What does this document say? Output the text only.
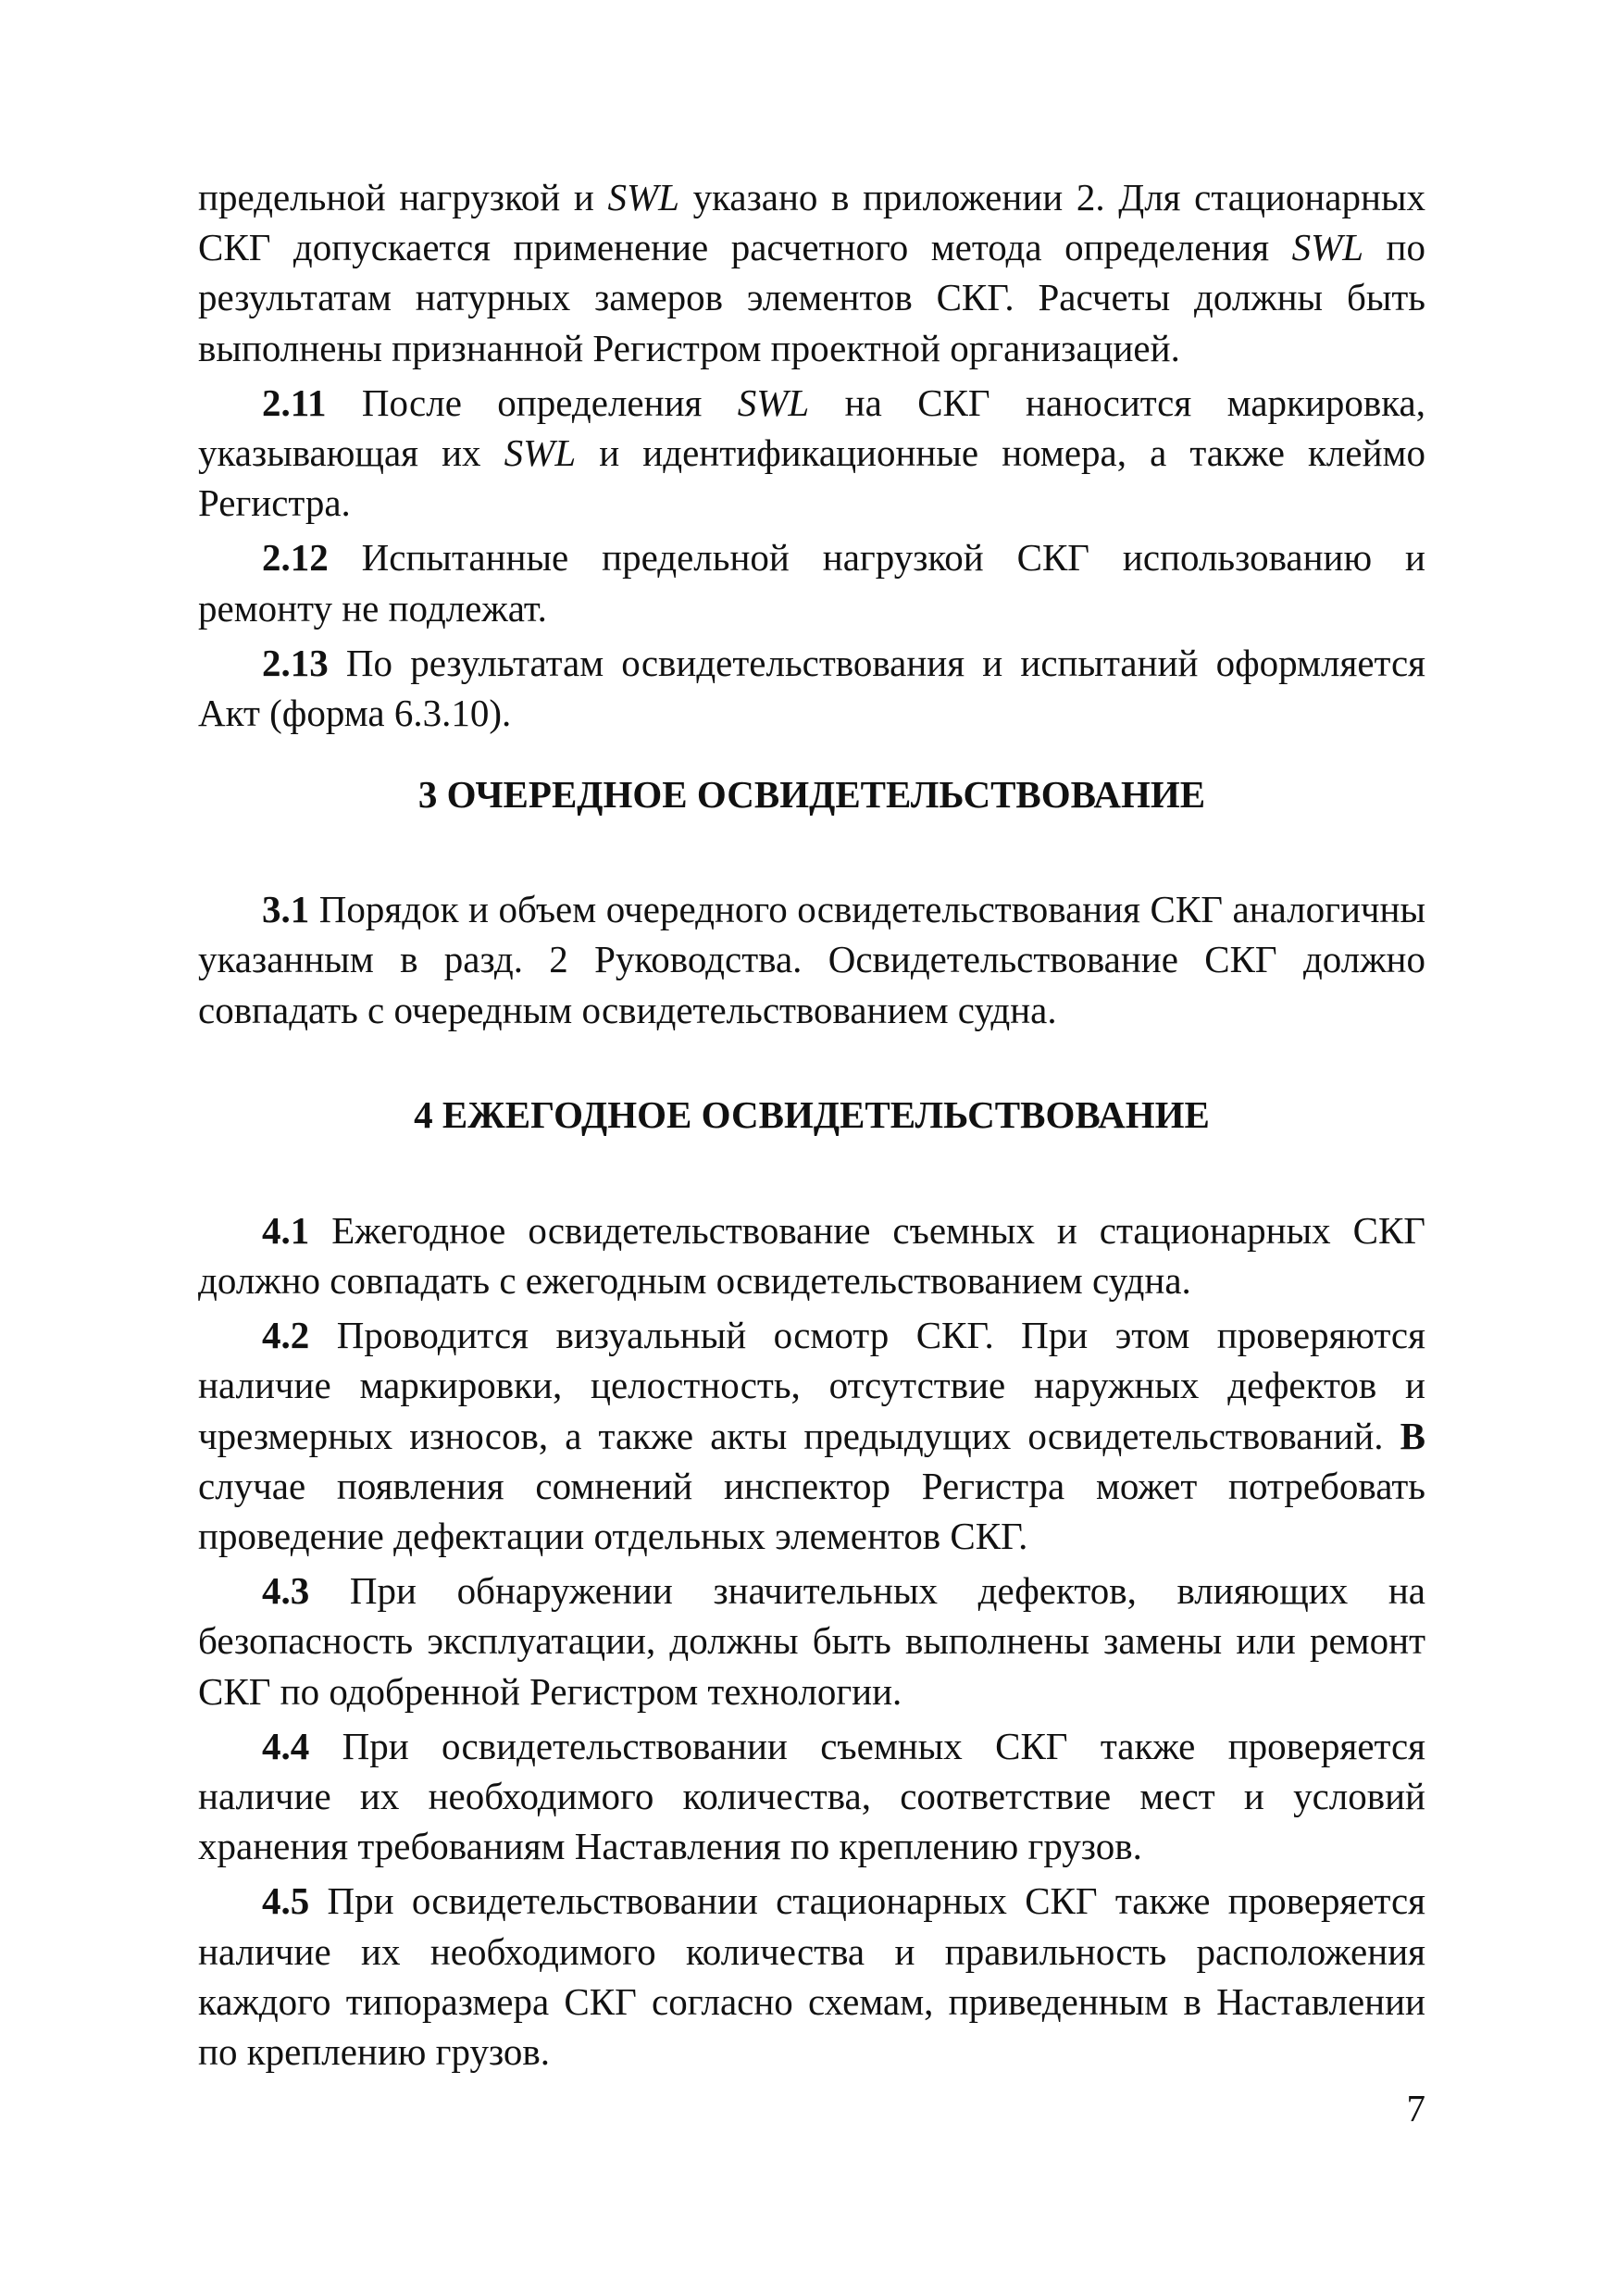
предельной нагрузкой и SWL указано в приложении 2. Для стационарных СКГ допускается применение расчетного метода определения SWL по результатам натурных замеров элементов СКГ. Расчеты должны быть выполнены признанной Регистром проектной организацией.

2.11 После определения SWL на СКГ наносится маркировка, указывающая их SWL и идентификационные номера, а также клеймо Регистра.

2.12 Испытанные предельной нагрузкой СКГ использованию и ремонту не подлежат.

2.13 По результатам освидетельствования и испытаний оформляется Акт (форма 6.3.10).

3 ОЧЕРЕДНОЕ ОСВИДЕТЕЛЬСТВОВАНИЕ

3.1 Порядок и объем очередного освидетельствования СКГ аналогичны указанным в разд. 2 Руководства. Освидетельствование СКГ должно совпадать с очередным освидетельствованием судна.

4 ЕЖЕГОДНОЕ ОСВИДЕТЕЛЬСТВОВАНИЕ

4.1 Ежегодное освидетельствование съемных и стационарных СКГ должно совпадать с ежегодным освидетельствованием судна.

4.2 Проводится визуальный осмотр СКГ. При этом проверяются наличие маркировки, целостность, отсутствие наружных дефектов и чрезмерных износов, а также акты предыдущих освидетельствований. В случае появления сомнений инспектор Регистра может потребовать проведение дефектации отдельных элементов СКГ.

4.3 При обнаружении значительных дефектов, влияющих на безопасность эксплуатации, должны быть выполнены замены или ремонт СКГ по одобренной Регистром технологии.

4.4 При освидетельствовании съемных СКГ также проверяется наличие их необходимого количества, соответствие мест и условий хранения требованиям Наставления по креплению грузов.

4.5 При освидетельствовании стационарных СКГ также проверяется наличие их необходимого количества и правильность расположения каждого типоразмера СКГ согласно схемам, приведенным в Наставлении по креплению грузов.

7
